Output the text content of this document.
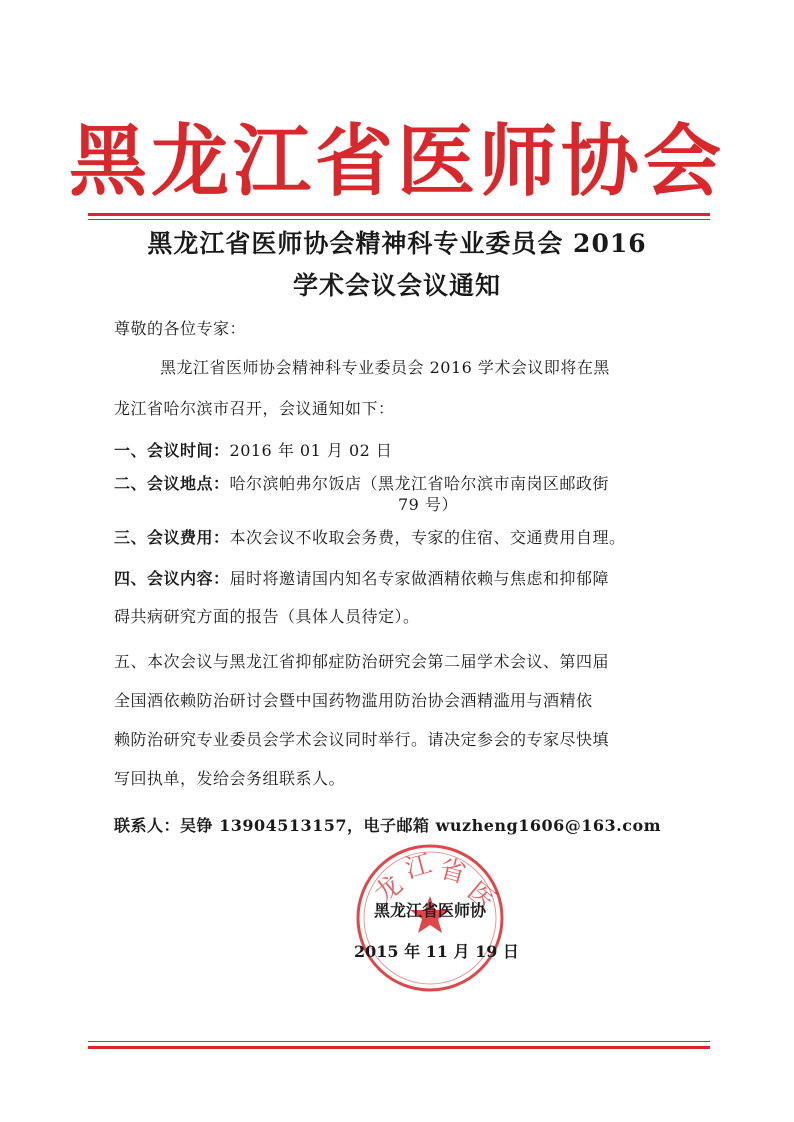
黑龙江省医师协会
黑龙江省医师协会精神科专业委员会 2016
学术会议会议通知
尊敬的各位专家：
黑龙江省医师协会精神科专业委员会 2016 学术会议即将在黑
龙江省哈尔滨市召开，会议通知如下：
一、会议时间：2016 年 01 月 02 日
二、会议地点：哈尔滨帕弗尔饭店（黑龙江省哈尔滨市南岗区邮政街
79 号）
三、会议费用：本次会议不收取会务费，专家的住宿、交通费用自理。
四、会议内容：届时将邀请国内知名专家做酒精依赖与焦虑和抑郁障
碍共病研究方面的报告（具体人员待定）。
五、本次会议与黑龙江省抑郁症防治研究会第二届学术会议、第四届
全国酒依赖防治研讨会暨中国药物滥用防治协会酒精滥用与酒精依
赖防治研究专业委员会学术会议同时举行。请决定参会的专家尽快填
写回执单，发给会务组联系人。
联系人：吴铮 13904513157，电子邮箱 wuzheng1606@163.com
龙
江 省
医
黑龙江省医师协
2015 年 11 月 19 日
